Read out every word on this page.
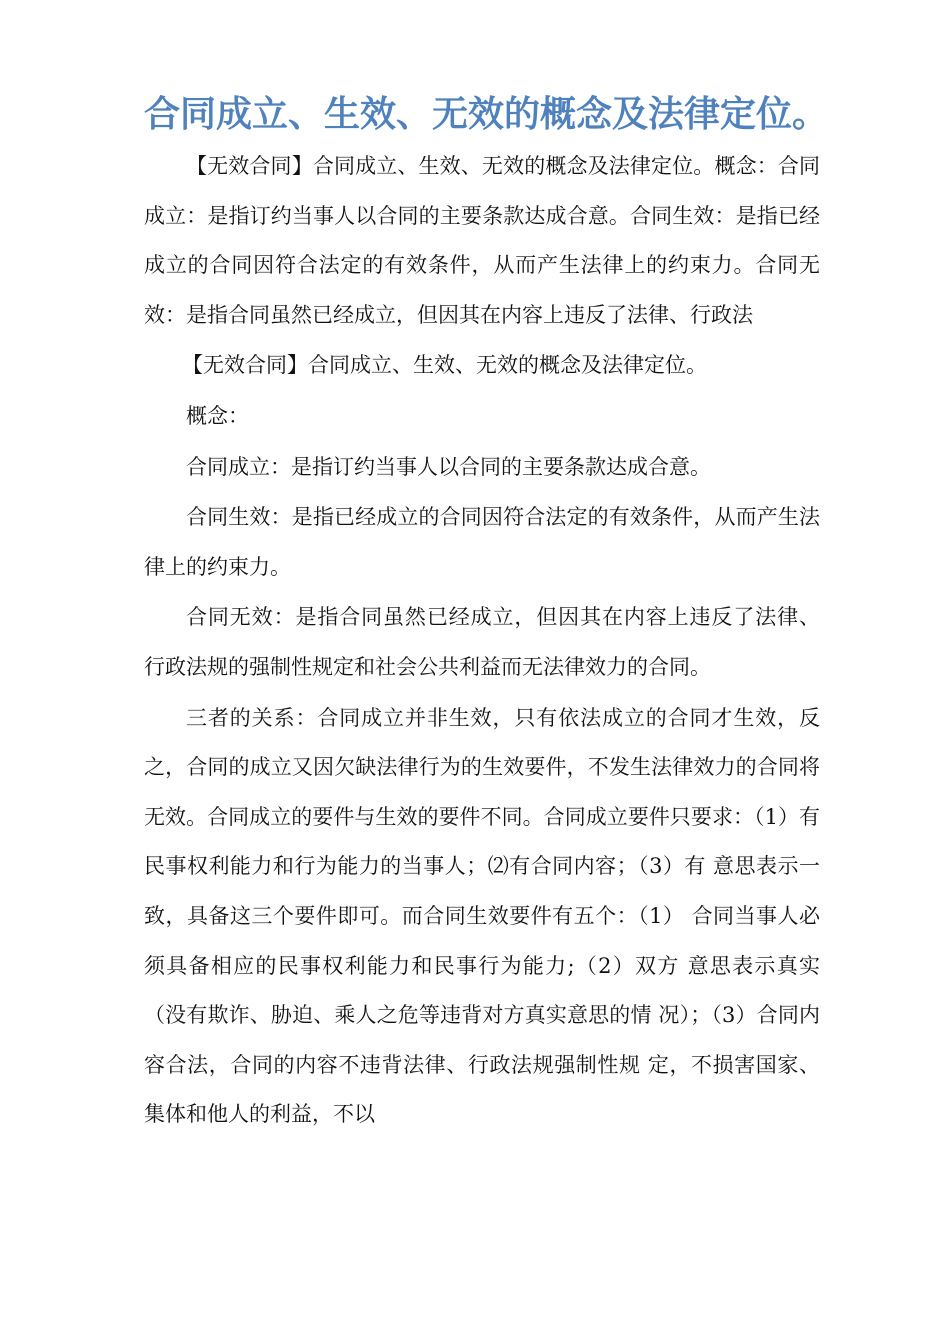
合同成立、生效、无效的概念及法律定位。

【无效合同】合同成立、生效、无效的概念及法律定位。概念：合同成立：是指订约当事人以合同的主要条款达成合意。合同生效：是指已经成立的合同因符合法定的有效条件，从而产生法律上的约束力。合同无效：是指合同虽然已经成立，但因其在内容上违反了法律、行政法

【无效合同】合同成立、生效、无效的概念及法律定位。

概念：

合同成立：是指订约当事人以合同的主要条款达成合意。

合同生效：是指已经成立的合同因符合法定的有效条件，从而产生法律上的约束力。

合同无效：是指合同虽然已经成立，但因其在内容上违反了法律、 行政法规的强制性规定和社会公共利益而无法律效力的合同。

三者的关系：合同成立并非生效，只有依法成立的合同才生效，反之，合同的成立又因欠缺法律行为的生效要件，不发生法律效力的合同将无效。合同成立的要件与生效的要件不同。合同成立要件只要求：（1）有民事权利能力和行为能力的当事人；⑵有合同内容；（3）有 意思表示一致，具备这三个要件即可。而合同生效要件有五个：（1） 合同当事人必须具备相应的民事权利能力和民事行为能力;（2）双方 意思表示真实（没有欺诈、胁迫、乘人之危等违背对方真实意思的情 况）；（3）合同内容合法，合同的内容不违背法律、行政法规强制性规 定，不损害国家、集体和他人的利益，不以
